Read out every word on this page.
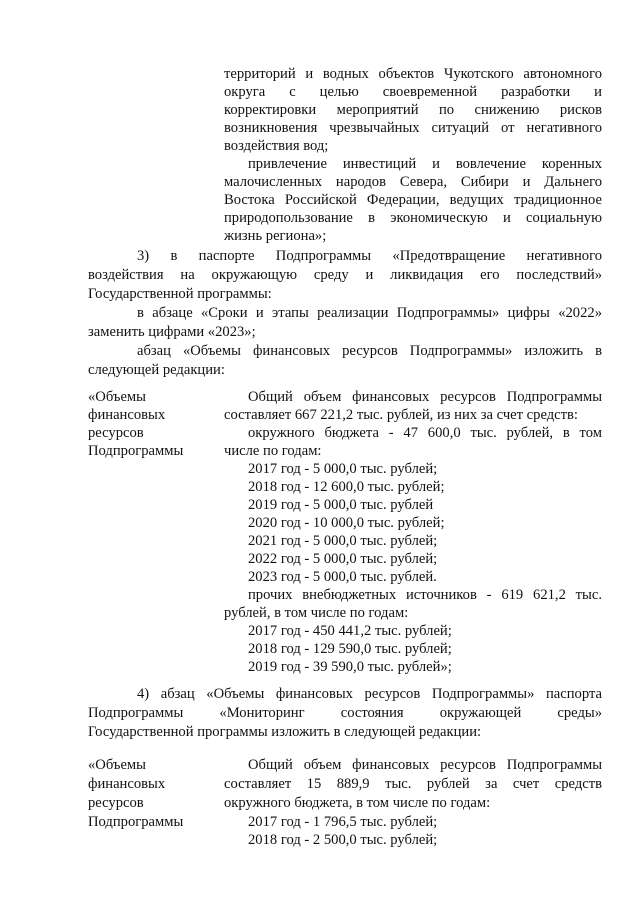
территорий и водных объектов Чукотского автономного
округа с целью своевременной разработки и
корректировки мероприятий по снижению рисков
возникновения чрезвычайных ситуаций от негативного
воздействия вод;
привлечение инвестиций и вовлечение коренных
малочисленных народов Севера, Сибири и Дальнего
Востока Российской Федерации, ведущих традиционное
природопользование в экономическую и социальную
жизнь региона»;
3) в паспорте Подпрограммы «Предотвращение негативного
воздействия на окружающую среду и ликвидация его последствий»
Государственной программы:
в абзаце «Сроки и этапы реализации Подпрограммы» цифры «2022»
заменить цифрами «2023»;
абзац «Объемы финансовых ресурсов Подпрограммы» изложить в
следующей редакции:
«Объемы
финансовых
ресурсов
Подпрограммы
Общий объем финансовых ресурсов Подпрограммы
составляет 667 221,2 тыс. рублей, из них за счет средств:
окружного бюджета - 47 600,0 тыс. рублей, в том
числе по годам:
2017 год - 5 000,0 тыс. рублей;
2018 год - 12 600,0 тыс. рублей;
2019 год - 5 000,0 тыс. рублей
2020 год - 10 000,0 тыс. рублей;
2021 год - 5 000,0 тыс. рублей;
2022 год - 5 000,0 тыс. рублей;
2023 год - 5 000,0 тыс. рублей.
прочих внебюджетных источников - 619 621,2 тыс.
рублей, в том числе по годам:
2017 год - 450 441,2 тыс. рублей;
2018 год - 129 590,0 тыс. рублей;
2019 год - 39 590,0 тыс. рублей»;
4) абзац «Объемы финансовых ресурсов Подпрограммы» паспорта
Подпрограммы «Мониторинг состояния окружающей среды»
Государственной программы изложить в следующей редакции:
«Объемы
финансовых
ресурсов
Подпрограммы
Общий объем финансовых ресурсов Подпрограммы
составляет 15 889,9 тыс. рублей за счет средств
окружного бюджета, в том числе по годам:
2017 год - 1 796,5 тыс. рублей;
2018 год - 2 500,0 тыс. рублей;
